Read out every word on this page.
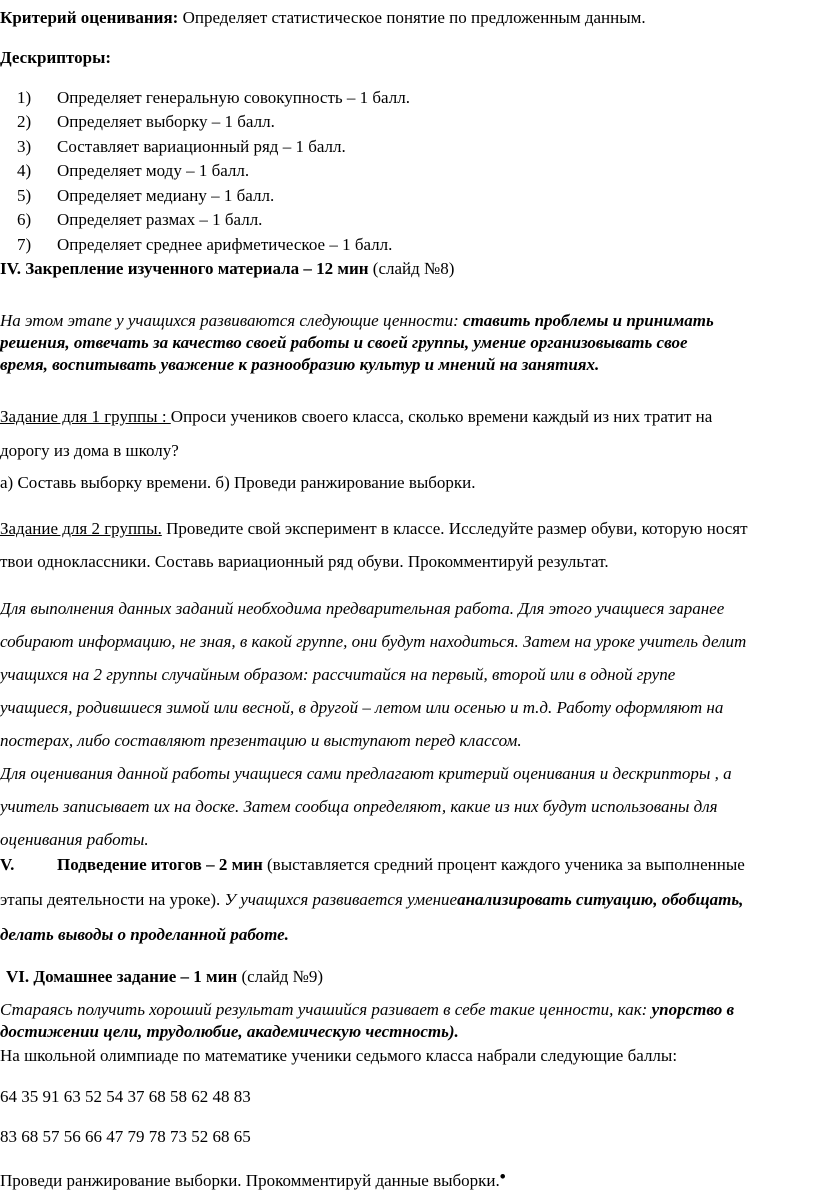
Критерий оценивания: Определяет статистическое понятие по предложенным данным.
Дескрипторы:
1) Определяет генеральную совокупность – 1 балл.
2) Определяет выборку – 1 балл.
3) Составляет вариационный ряд – 1 балл.
4) Определяет моду – 1 балл.
5) Определяет медиану – 1 балл.
6) Определяет размах – 1 балл.
7) Определяет среднее арифметическое – 1 балл.
IV. Закрепление изученного материала – 12 мин (слайд №8)
На этом этапе у учащихся развиваются следующие ценности: ставить проблемы и принимать
решения, отвечать за качество своей работы и своей группы, умение организовывать свое
время, воспитывать уважение к разнообразию культур и мнений на занятиях.
Задание для 1 группы : Опроси учеников своего класса, сколько времени каждый из них тратит на
дорогу из дома в школу?
а) Составь выборку времени. б) Проведи ранжирование выборки.
Задание для 2 группы. Проведите свой эксперимент в классе. Исследуйте размер обуви, которую носят
твои одноклассники. Составь вариационный ряд обуви. Прокомментируй результат.
Для выполнения данных заданий необходима предварительная работа. Для этого учащиеся заранее
собирают информацию, не зная, в какой группе, они будут находиться. Затем на уроке учитель делит
учащихся на 2 группы случайным образом: рассчитайся на первый, второй или в одной групе
учащиеся, родившиеся зимой или весной, в другой – летом или осенью и т.д. Работу оформляют на
постерах, либо составляют презентацию и выступают перед классом.
Для оценивания данной работы учащиеся сами предлагают критерий оценивания и дескрипторы , а
учитель записывает их на доске. Затем сообща определяют, какие из них будут использованы для
оценивания работы.
V.	Подведение итогов – 2 мин (выставляется средний процент каждого ученика за выполненные
этапы деятельности на уроке). У учащихся развивается умениеанализировать ситуацию, обобщать,
делать выводы о проделанной работе.
VI. Домашнее задание – 1 мин (слайд №9)
Стараясь получить хороший результат учашийся разивает в себе такие ценности, как: упорство в
достижении цели, трудолюбие, академическую честность).
На школьной олимпиаде по математике ученики седьмого класса набрали следующие баллы:
64 35 91 63 52 54 37 68 58 62 48 83
83 68 57 56 66 47 79 78 73 52 68 65
Проведи ранжирование выборки. Прокомментируй данные выборки.•
